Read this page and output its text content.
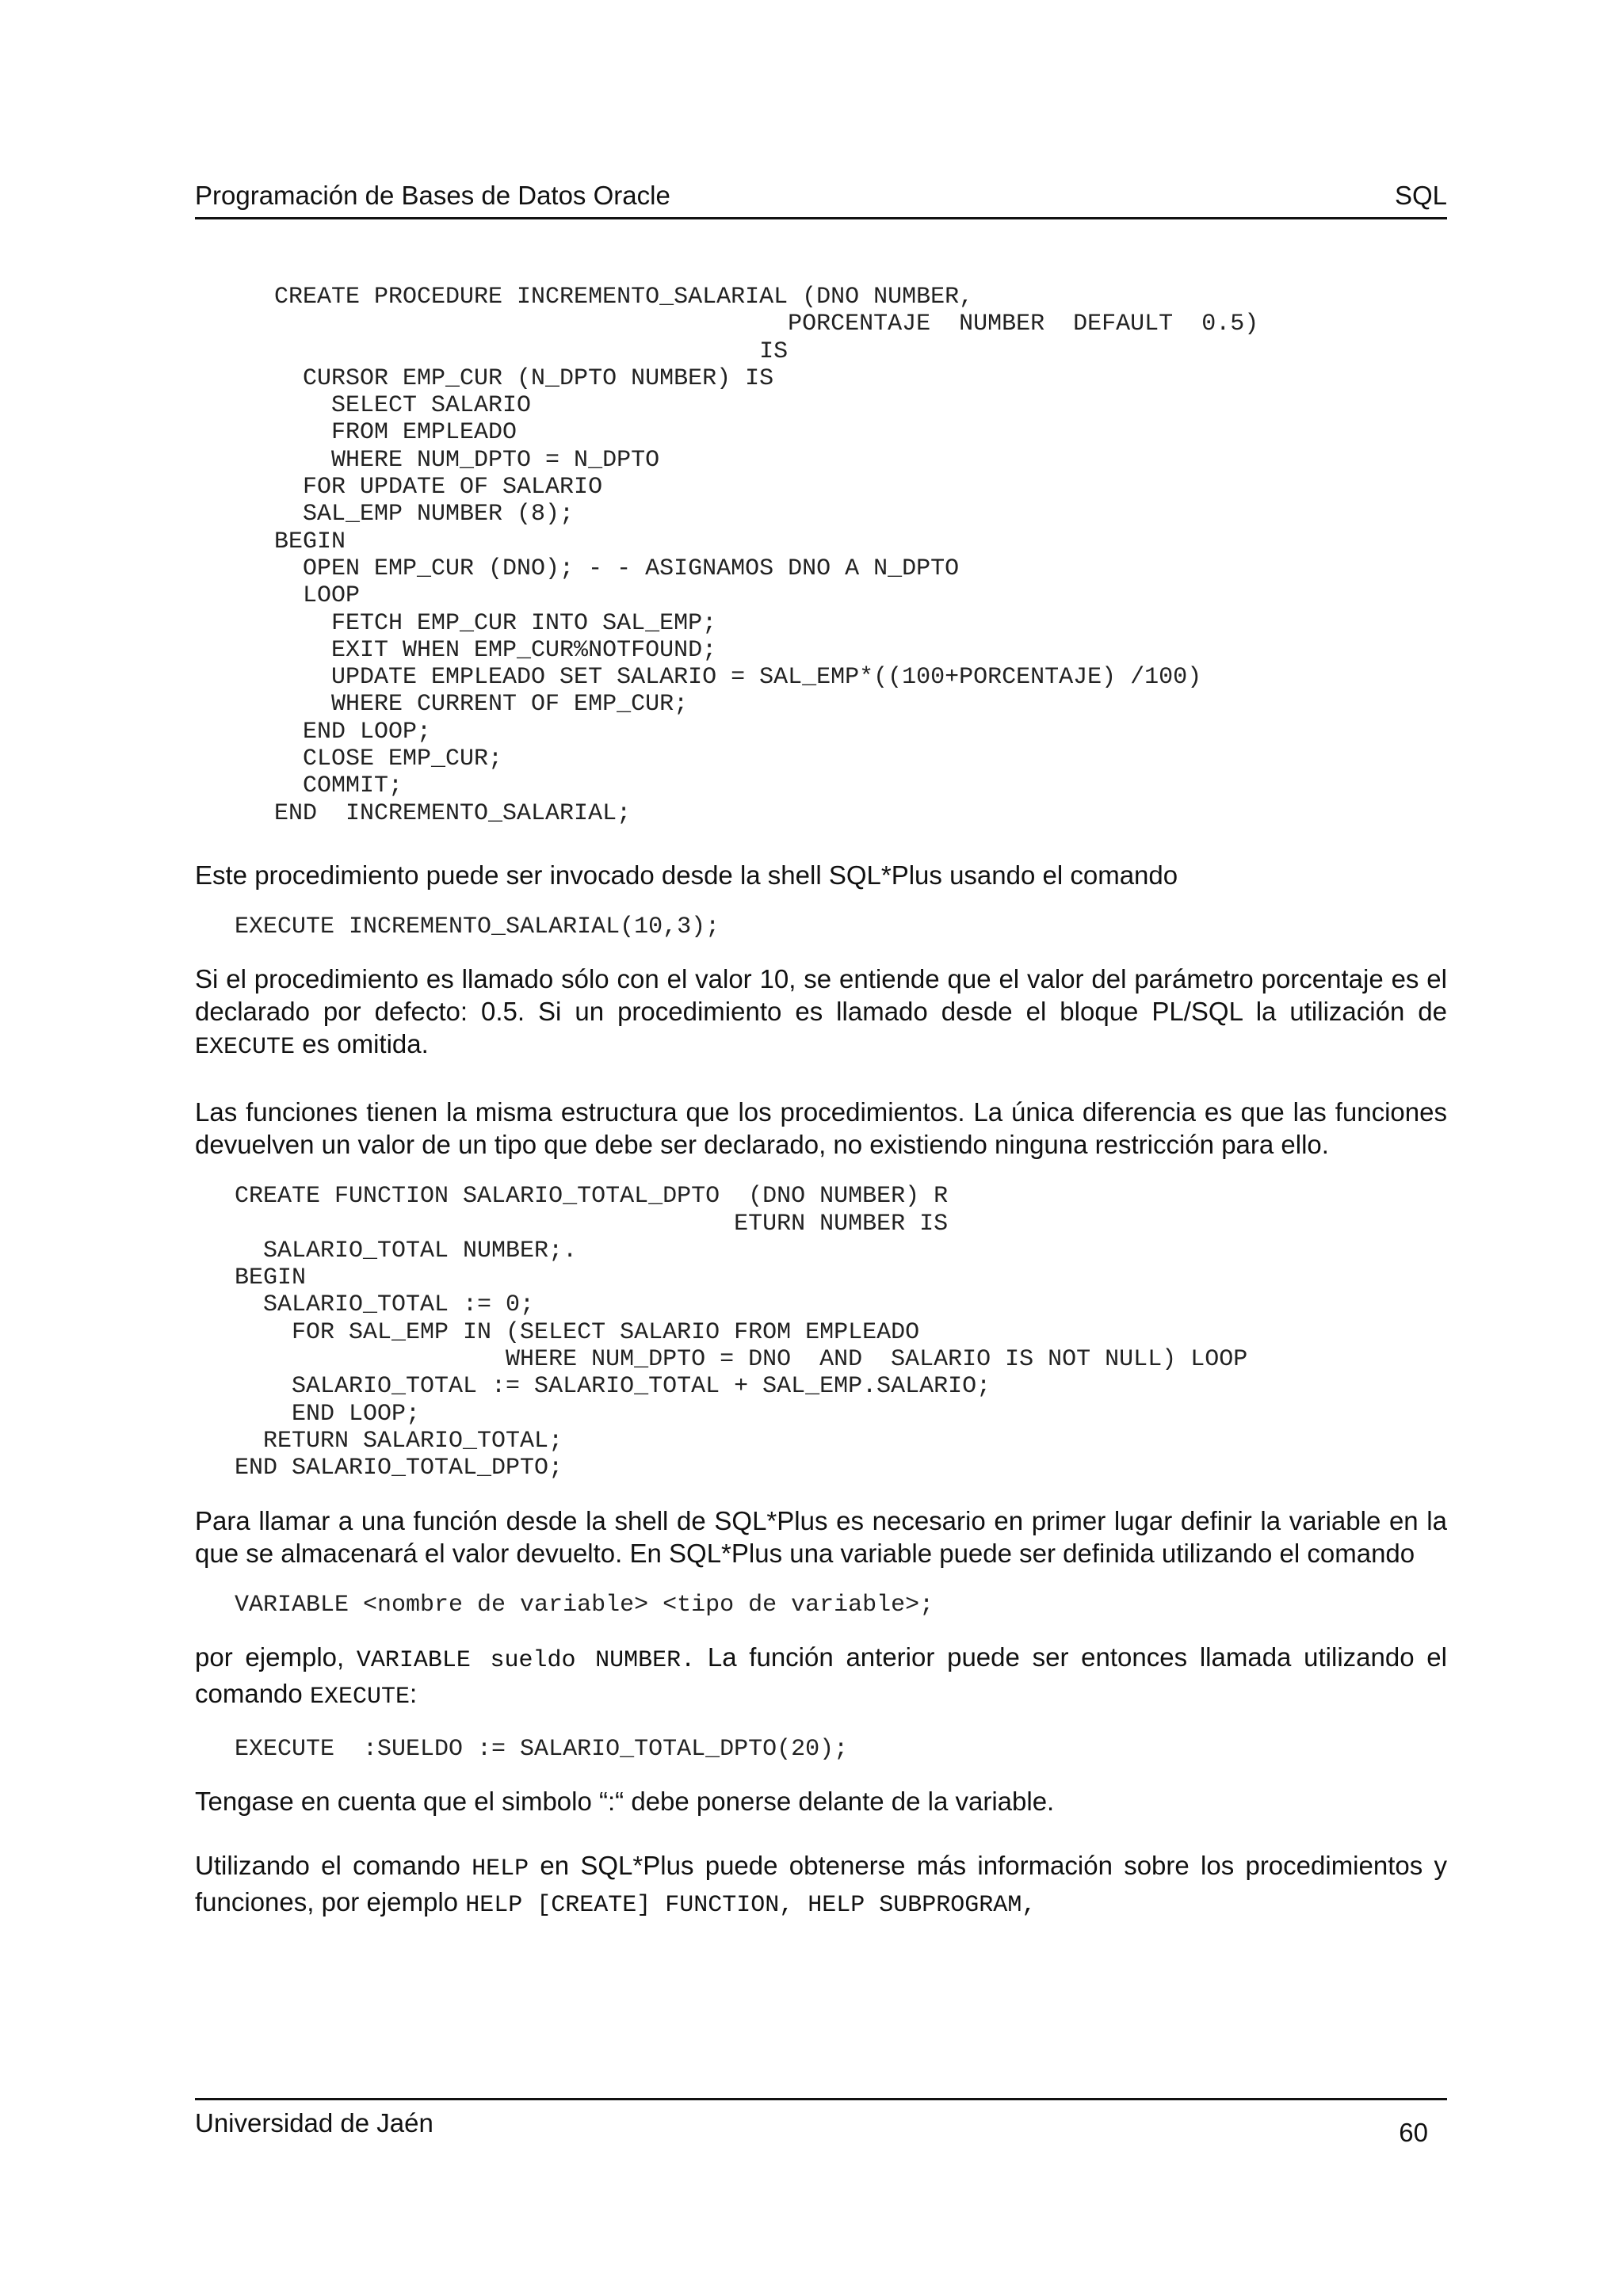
Programación de Bases de Datos Oracle	SQL
CREATE PROCEDURE INCREMENTO_SALARIAL (DNO NUMBER,
PORCENTAJE  NUMBER  DEFAULT  0.5)
IS
CURSOR EMP_CUR (N_DPTO NUMBER) IS
SELECT SALARIO
FROM EMPLEADO
WHERE NUM_DPTO = N_DPTO
FOR UPDATE OF SALARIO
SAL_EMP NUMBER (8);
BEGIN
OPEN EMP_CUR (DNO); - - ASIGNAMOS DNO A N_DPTO
LOOP
FETCH EMP_CUR INTO SAL_EMP;
EXIT WHEN EMP_CUR%NOTFOUND;
UPDATE EMPLEADO SET SALARIO = SAL_EMP*((100+PORCENTAJE) /100)
WHERE CURRENT OF EMP_CUR;
END LOOP;
CLOSE EMP_CUR;
COMMIT;
END  INCREMENTO_SALARIAL;

Este procedimiento puede ser invocado desde la shell SQL*Plus usando el comando

EXECUTE INCREMENTO_SALARIAL(10,3);

Si el procedimiento es llamado sólo con el valor 10, se entiende que el valor del parámetro porcentaje es el declarado por defecto: 0.5. Si un procedimiento es llamado desde el bloque PL/SQL la utilización de EXECUTE es omitida.

Las funciones tienen la misma estructura que los procedimientos. La única diferencia es que las funciones devuelven un valor de un tipo que debe ser declarado, no existiendo ninguna restricción para ello.

CREATE FUNCTION SALARIO_TOTAL_DPTO  (DNO NUMBER) R
ETURN NUMBER IS
SALARIO_TOTAL NUMBER;.
BEGIN
SALARIO_TOTAL := 0;
FOR SAL_EMP IN (SELECT SALARIO FROM EMPLEADO
WHERE NUM_DPTO = DNO  AND  SALARIO IS NOT NULL) LOOP
SALARIO_TOTAL := SALARIO_TOTAL + SAL_EMP.SALARIO;
END LOOP;
RETURN SALARIO_TOTAL;
END SALARIO_TOTAL_DPTO;

Para llamar a una función desde la shell de SQL*Plus es necesario en primer lugar definir la variable en la que se almacenará el valor devuelto. En SQL*Plus una variable puede ser definida utilizando el comando

VARIABLE <nombre de variable> <tipo de variable>;

por ejemplo, VARIABLE sueldo NUMBER. La función anterior puede ser entonces llamada utilizando el comando EXECUTE:

EXECUTE  :SUELDO := SALARIO_TOTAL_DPTO(20);

Tengase en cuenta que el simbolo “:“ debe ponerse delante de la variable.

Utilizando el comando HELP en SQL*Plus puede obtenerse más información sobre los procedimientos y funciones, por ejemplo HELP [CREATE] FUNCTION, HELP SUBPROGRAM,

Universidad de Jaén	60
